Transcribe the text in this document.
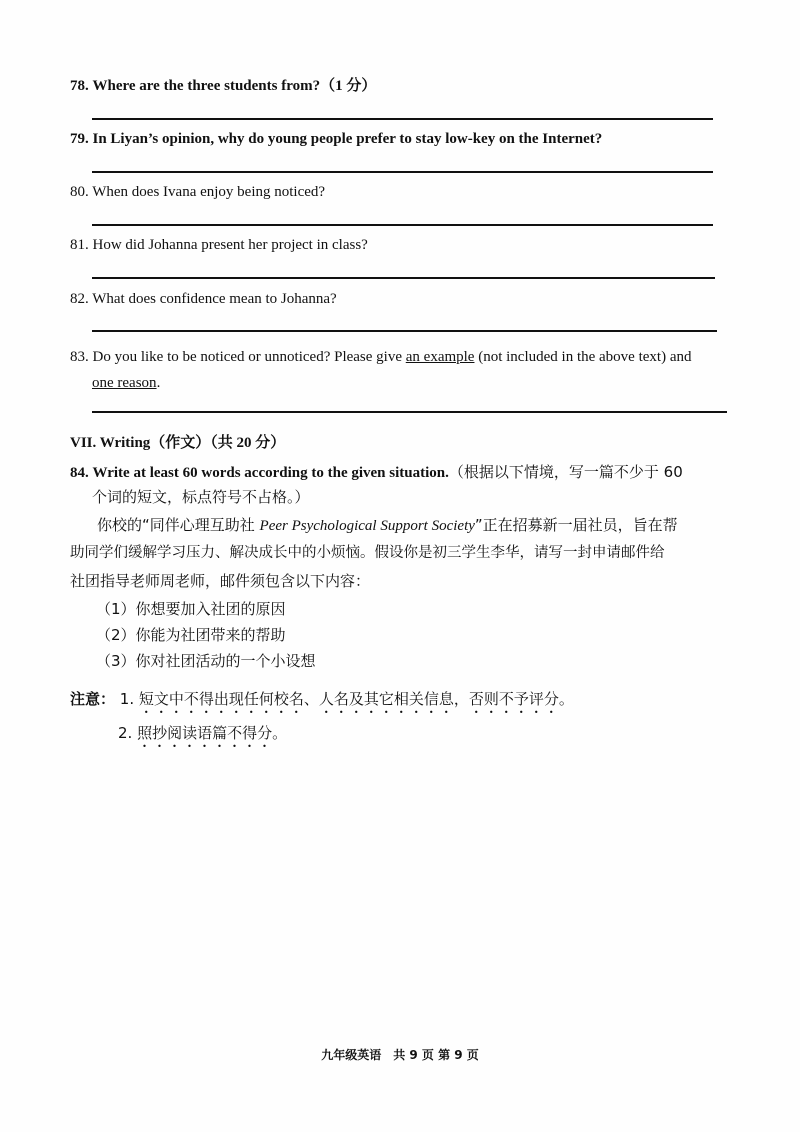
78. Where are the three students from?（1 分）
79. In Liyan’s opinion, why do young people prefer to stay low-key on the Internet?
80. When does Ivana enjoy being noticed?
81. How did Johanna present her project in class?
82. What does confidence mean to Johanna?
83. Do you like to be noticed or unnoticed? Please give an example (not included in the above text) and
one reason.
VII. Writing（作文）（共 20 分）
84. Write at least 60 words according to the given situation.（根据以下情境，写一篇不少于 60
个词的短文，标点符号不占格。）
你校的“同伴心理互助社 Peer Psychological Support Society”正在招募新一届社员，旨在帮
助同学们缓解学习压力、解决成长中的小烦恼。假设你是初三学生李华，请写一封申请邮件给
社团指导老师周老师，邮件须包含以下内容：
（1）你想要加入社团的原因
（2）你能为社团带来的帮助
（3）你对社团活动的一个小设想
注意： 1. 短文中不得出现任何校名、人名及其它相关信息，否则不予评分。
2. 照抄阅读语篇不得分。
九年级英语　共 9 页 第 9 页
